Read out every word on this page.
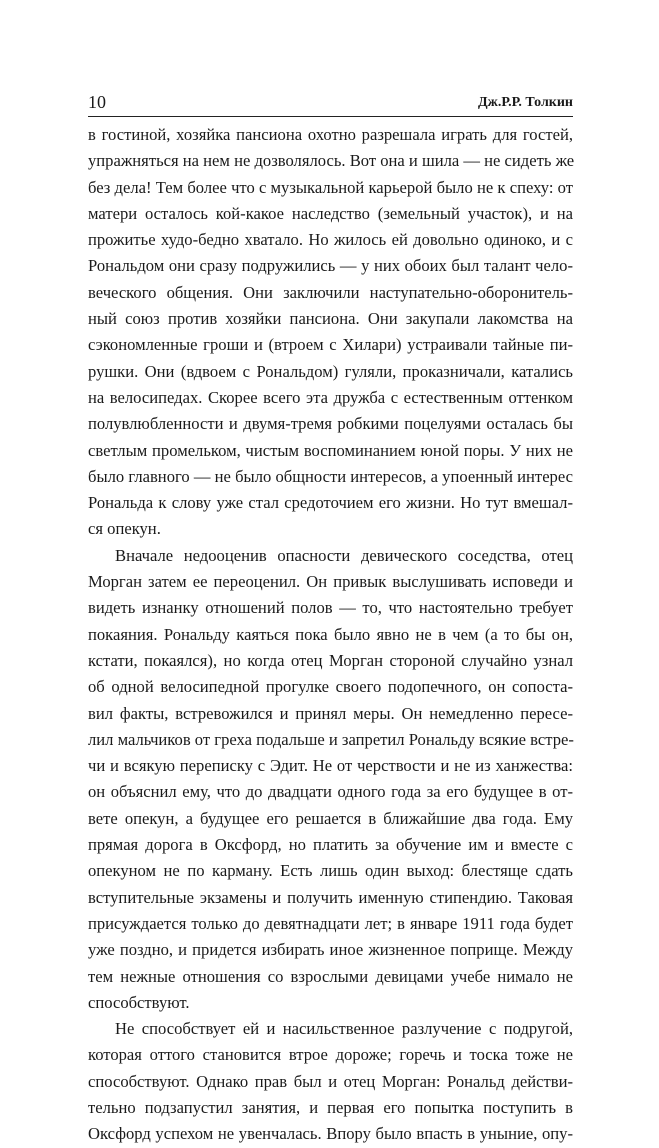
10	Дж.Р.Р. Толкин
в гостиной, хозяйка пансиона охотно разрешала играть для гостей,
упражняться на нем не дозволялось. Вот она и шила — не сидеть же
без дела! Тем более что с музыкальной карьерой было не к спеху: от
матери осталось кой-какое наследство (земельный участок), и на
прожитье худо-бедно хватало. Но жилось ей довольно одиноко, и с
Рональдом они сразу подружились — у них обоих был талант чело-
веческого общения. Они заключили наступательно-оборонитель-
ный союз против хозяйки пансиона. Они закупали лакомства на
сэкономленные гроши и (втроем с Хилари) устраивали тайные пи-
рушки. Они (вдвоем с Рональдом) гуляли, проказничали, катались
на велосипедах. Скорее всего эта дружба с естественным оттенком
полувлюбленности и двумя-тремя робкими поцелуями осталась бы
светлым промельком, чистым воспоминанием юной поры. У них не
было главного — не было общности интересов, а упоенный интерес
Рональда к слову уже стал средоточием его жизни. Но тут вмешал-
ся опекун.
Вначале недооценив опасности девического соседства, отец
Морган затем ее переоценил. Он привык выслушивать исповеди и
видеть изнанку отношений полов — то, что настоятельно требует
покаяния. Рональду каяться пока было явно не в чем (а то бы он,
кстати, покаялся), но когда отец Морган стороной случайно узнал
об одной велосипедной прогулке своего подопечного, он сопоста-
вил факты, встревожился и принял меры. Он немедленно пересе-
лил мальчиков от греха подальше и запретил Рональду всякие встре-
чи и всякую переписку с Эдит. Не от черствости и не из ханжества:
он объяснил ему, что до двадцати одного года за его будущее в от-
вете опекун, а будущее его решается в ближайшие два года. Ему
прямая дорога в Оксфорд, но платить за обучение им и вместе с
опекуном не по карману. Есть лишь один выход: блестяще сдать
вступительные экзамены и получить именную стипендию. Таковая
присуждается только до девятнадцати лет; в январе 1911 года будет
уже поздно, и придется избирать иное жизненное поприще. Между
тем нежные отношения со взрослыми девицами учебе нимало не
способствуют.
Не способствует ей и насильственное разлучение с подругой,
которая оттого становится втрое дороже; горечь и тоска тоже не
способствуют. Однако прав был и отец Морган: Рональд действи-
тельно подзапустил занятия, и первая его попытка поступить в
Оксфорд успехом не увенчалась. Впору было впасть в уныние, опу-
